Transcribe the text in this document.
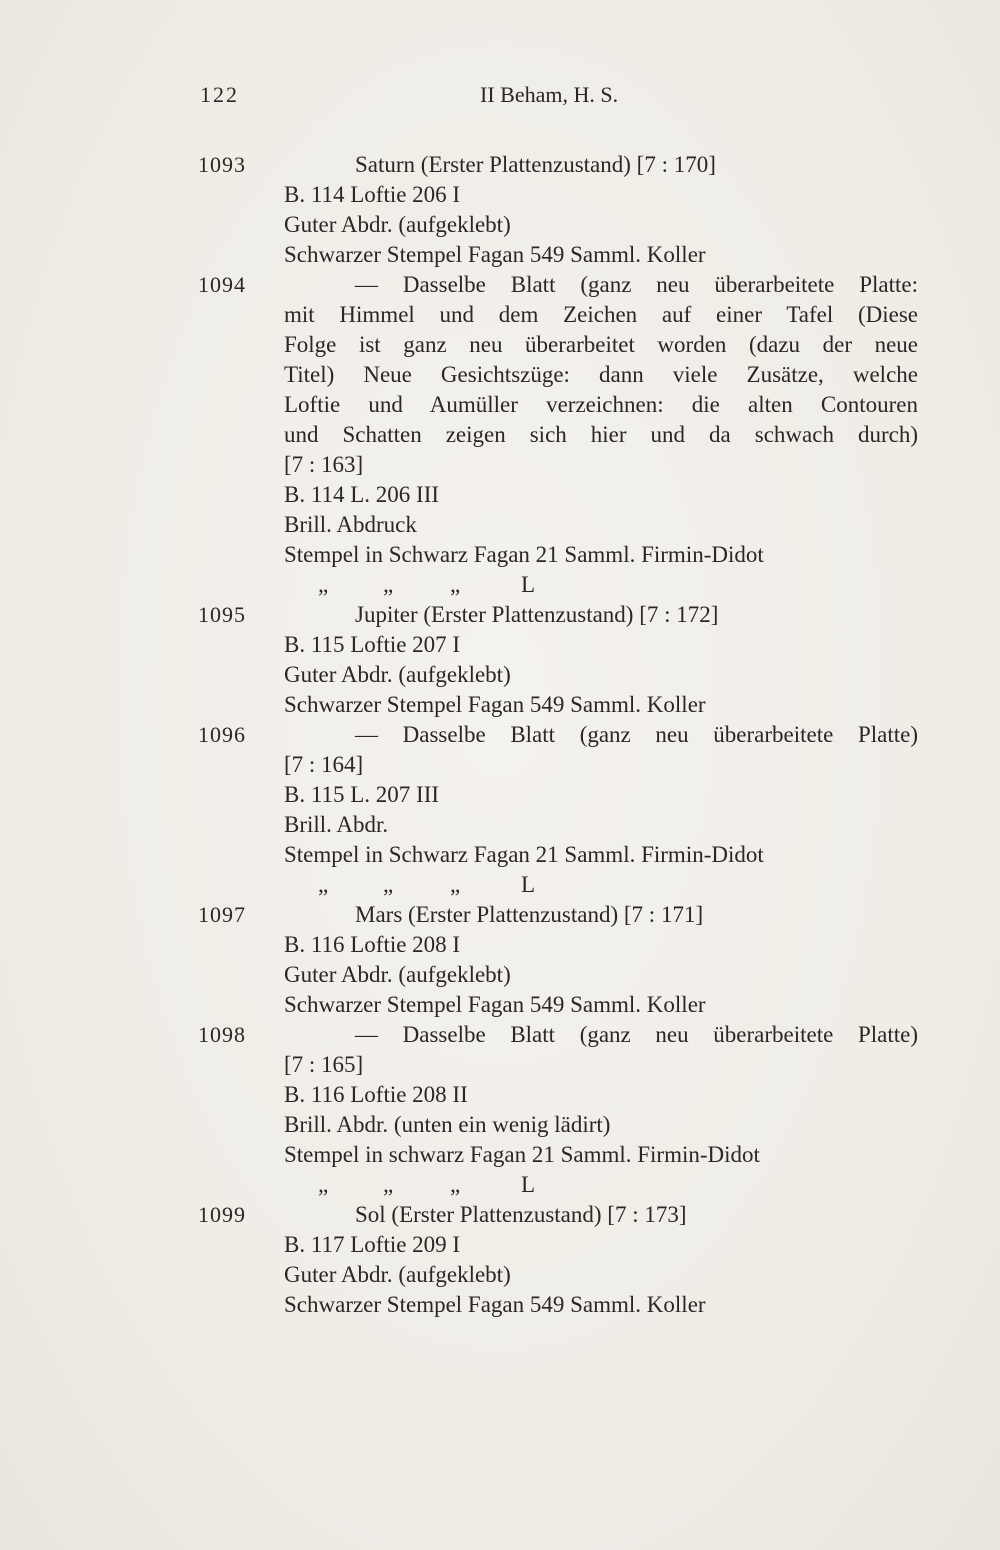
122	II Beham, H. S.
1093	Saturn (Erster Plattenzustand) [7 : 170]
B. 114 Loftie 206 I
Guter Abdr. (aufgeklebt)
Schwarzer Stempel Fagan 549 Samml. Koller
1094	— Dasselbe Blatt (ganz neu überarbeitete Platte:
mit Himmel und dem Zeichen auf einer Tafel (Diese
Folge ist ganz neu überarbeitet worden (dazu der neue
Titel) Neue Gesichtszüge: dann viele Zusätze, welche
Loftie und Aumüller verzeichnen: die alten Contouren
und Schatten zeigen sich hier und da schwach durch)
[7 : 163]
B. 114 L. 206 III
Brill. Abdruck
Stempel in Schwarz Fagan 21 Samml. Firmin-Didot
„ „ „	L
1095	Jupiter (Erster Plattenzustand) [7 : 172]
B. 115 Loftie 207 I
Guter Abdr. (aufgeklebt)
Schwarzer Stempel Fagan 549 Samml. Koller
1096	— Dasselbe Blatt (ganz neu überarbeitete Platte)
[7 : 164]
B. 115 L. 207 III
Brill. Abdr.
Stempel in Schwarz Fagan 21 Samml. Firmin-Didot
„ „ „	L
1097	Mars (Erster Plattenzustand) [7 : 171]
B. 116 Loftie 208 I
Guter Abdr. (aufgeklebt)
Schwarzer Stempel Fagan 549 Samml. Koller
1098	— Dasselbe Blatt (ganz neu überarbeitete Platte)
[7 : 165]
B. 116 Loftie 208 II
Brill. Abdr. (unten ein wenig lädirt)
Stempel in schwarz Fagan 21 Samml. Firmin-Didot
„ „ „	L
1099	Sol (Erster Plattenzustand) [7 : 173]
B. 117 Loftie 209 I
Guter Abdr. (aufgeklebt)
Schwarzer Stempel Fagan 549 Samml. Koller
